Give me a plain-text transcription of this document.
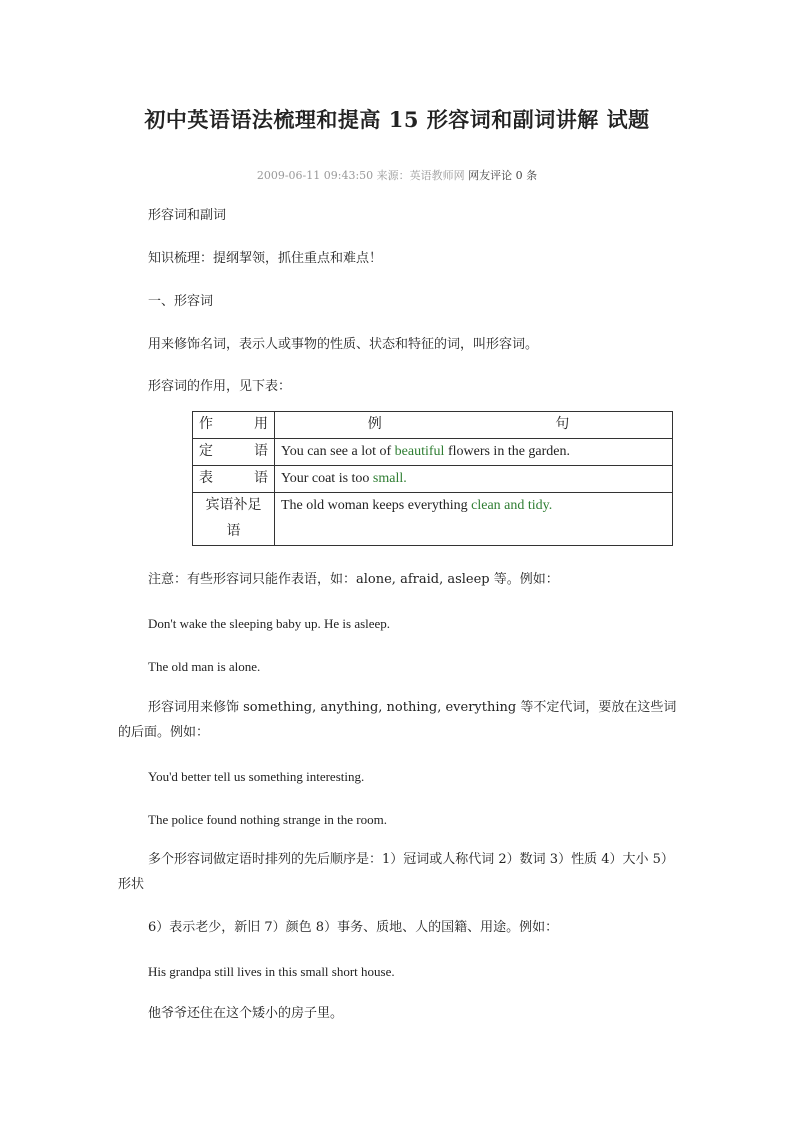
初中英语语法梳理和提高 15 形容词和副词讲解 试题
2009-06-11 09:43:50 来源：英语教师网 网友评论 0 条
形容词和副词
知识梳理：提纲挈领，抓住重点和难点！
一、形容词
用来修饰名词，表示人或事物的性质、状态和特征的词，叫形容词。
形容词的作用，见下表：
作 用	例 句

定 语	You can see a lot of beautiful flowers in the garden.
表 语	Your coat is too small.
宾语补足语	The old woman keeps everything clean and tidy.
注意：有些形容词只能作表语，如：alone, afraid, asleep 等。例如：
Don't wake the sleeping baby up. He is asleep.
The old man is alone.
形容词用来修饰 something, anything, nothing, everything 等不定代词，要放在这些词的后面。例如：
You'd better tell us something interesting.
The police found nothing strange in the room.
多个形容词做定语时排列的先后顺序是：1）冠词或人称代词 2）数词 3）性质 4）大小 5）形状
6）表示老少，新旧 7）颜色 8）事务、质地、人的国籍、用途。例如：
His grandpa still lives in this small short house.
他爷爷还住在这个矮小的房子里。
